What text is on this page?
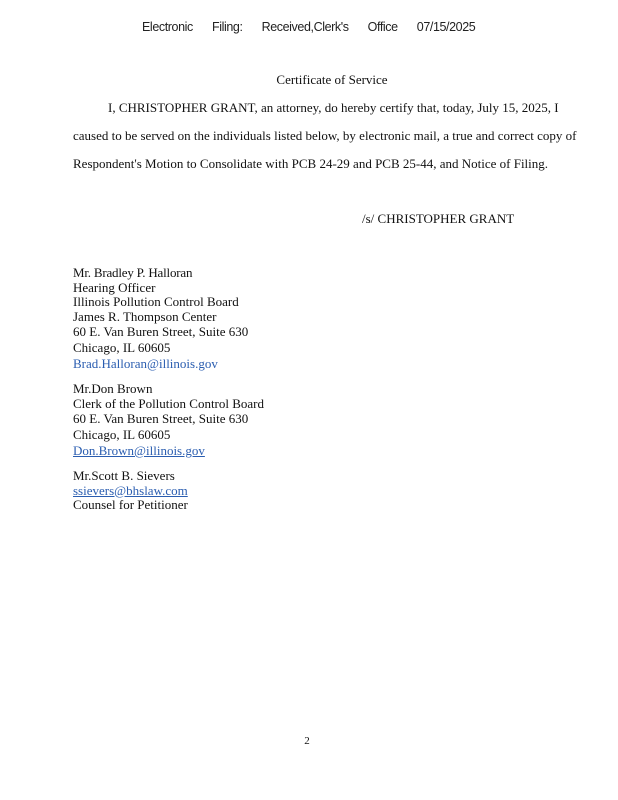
Electronic Filing: Received,Clerk's Office 07/15/2025
Certificate of Service
I, CHRISTOPHER GRANT, an attorney, do hereby certify that, today, July 15, 2025, I
caused to be served on the individuals listed below, by electronic mail, a true and correct copy of
Respondent's Motion to Consolidate with PCB 24-29 and PCB 25-44, and Notice of Filing.
/s/ CHRISTOPHER GRANT
Mr. Bradley P. Halloran
Hearing Officer
Illinois Pollution Control Board
James R. Thompson Center
60 E. Van Buren Street, Suite 630
Chicago, IL 60605
Brad.Halloran@illinois.gov
Mr.Don Brown
Clerk of the Pollution Control Board
60 E. Van Buren Street, Suite 630
Chicago, IL 60605
Don.Brown@illinois.gov
Mr.Scott B. Sievers
ssievers@bhslaw.com
Counsel for Petitioner
2
